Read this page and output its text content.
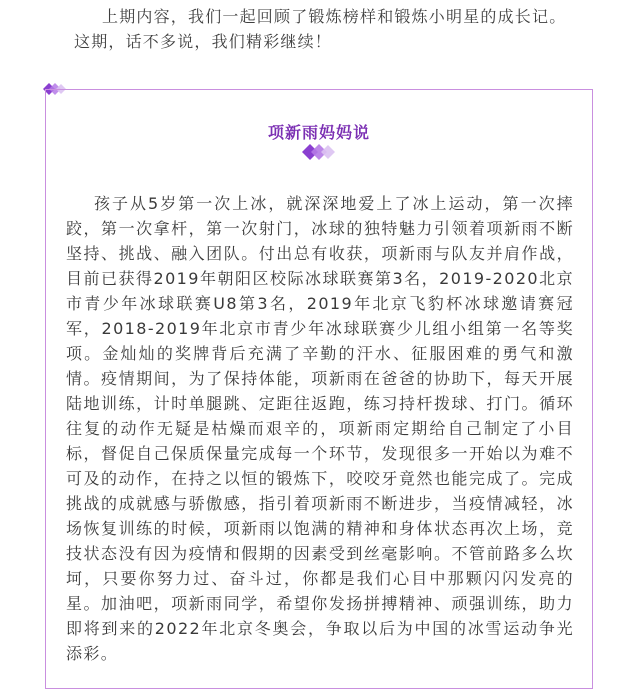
上期内容，我们一起回顾了锻炼榜样和锻炼小明星的成长记。这期，话不多说，我们精彩继续！

项新雨妈妈说

孩子从5岁第一次上冰，就深深地爱上了冰上运动，第一次摔跤，第一次拿杆，第一次射门，冰球的独特魅力引领着项新雨不断坚持、挑战、融入团队。付出总有收获，项新雨与队友并肩作战，目前已获得2019年朝阳区校际冰球联赛第3名，2019-2020北京市青少年冰球联赛U8第3名，2019年北京飞豹杯冰球邀请赛冠军，2018-2019年北京市青少年冰球联赛少儿组小组第一名等奖项。金灿灿的奖牌背后充满了辛勤的汗水、征服困难的勇气和激情。疫情期间，为了保持体能，项新雨在爸爸的协助下，每天开展陆地训练，计时单腿跳、定距往返跑，练习持杆拨球、打门。循环往复的动作无疑是枯燥而艰辛的，项新雨定期给自己制定了小目标，督促自己保质保量完成每一个环节，发现很多一开始以为难不可及的动作，在持之以恒的锻炼下，咬咬牙竟然也能完成了。完成挑战的成就感与骄傲感，指引着项新雨不断进步，当疫情减轻，冰场恢复训练的时候，项新雨以饱满的精神和身体状态再次上场，竞技状态没有因为疫情和假期的因素受到丝毫影响。不管前路多么坎坷，只要你努力过、奋斗过，你都是我们心目中那颗闪闪发亮的星。加油吧，项新雨同学，希望你发扬拼搏精神、顽强训练，助力即将到来的2022年北京冬奥会，争取以后为中国的冰雪运动争光添彩。
